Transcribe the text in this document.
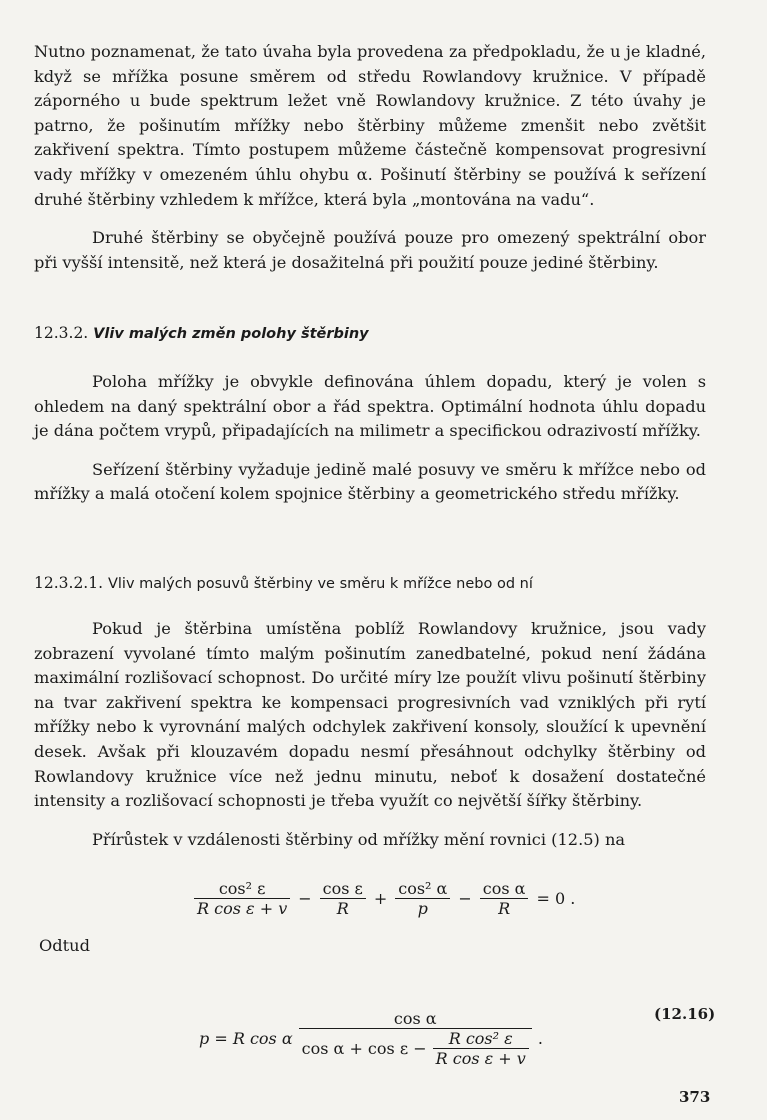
Nutno poznamenat, že tato úvaha byla provedena za předpokladu, že u je kladné, když se mřížka posune směrem od středu Rowlandovy kružnice. V případě záporného u bude spektrum ležet vně Rowlandovy kružnice. Z této úvahy je patrno, že pošinutím mřížky nebo štěrbiny můžeme zmenšit nebo zvětšit zakřivení spektra. Tímto postupem můžeme částečně kompensovat progresivní vady mřížky v omezeném úhlu ohybu α. Pošinutí štěrbiny se používá k seřízení druhé štěrbiny vzhledem k mřížce, která byla „montována na vadu“.

Druhé štěrbiny se obyčejně používá pouze pro omezený spektrální obor při vyšší intensitě, než která je dosažitelná při použití pouze jediné štěrbiny.

12.3.2. Vliv malých změn polohy štěrbiny

Poloha mřížky je obvykle definována úhlem dopadu, který je volen s ohledem na daný spektrální obor a řád spektra. Optimální hodnota úhlu dopadu je dána počtem vrypů, připadajících na milimetr a specifickou odrazivostí mřížky.

Seřízení štěrbiny vyžaduje jedině malé posuvy ve směru k mřížce nebo od mřížky a malá otočení kolem spojnice štěrbiny a geometrického středu mřížky.

12.3.2.1. Vliv malých posuvů štěrbiny ve směru k mřížce nebo od ní

Pokud je štěrbina umístěna poblíž Rowlandovy kružnice, jsou vady zobrazení vyvolané tímto malým pošinutím zanedbatelné, pokud není žádána maximální rozlišovací schopnost. Do určité míry lze použít vlivu pošinutí štěrbiny na tvar zakřivení spektra ke kompensaci progresivních vad vzniklých při rytí mřížky nebo k vyrovnání malých odchylek zakřivení konsoly, sloužící k upevnění desek. Avšak při klouzavém dopadu nesmí přesáhnout odchylky štěrbiny od Rowlandovy kružnice více než jednu minutu, neboť k dosažení dostatečné intensity a rozlišovací schopnosti je třeba využít co největší šířky štěrbiny.

Přírůstek v vzdálenosti štěrbiny od mřížky mění rovnici (12.5) na

$\frac{\text{cos² ε}}{\text{R cos ε + v}} - \frac{\text{cos ε}}{R} + \frac{\text{cos² α}}{p} - \frac{\text{cos α}}{R} = 0$ .
Odtud
p = R cos α
cos α
$\cos \alpha + \cos \varepsilon - \frac{\text{R cos² ε}}{\text{R cos ε + v}}$ .
(12.16)
373
